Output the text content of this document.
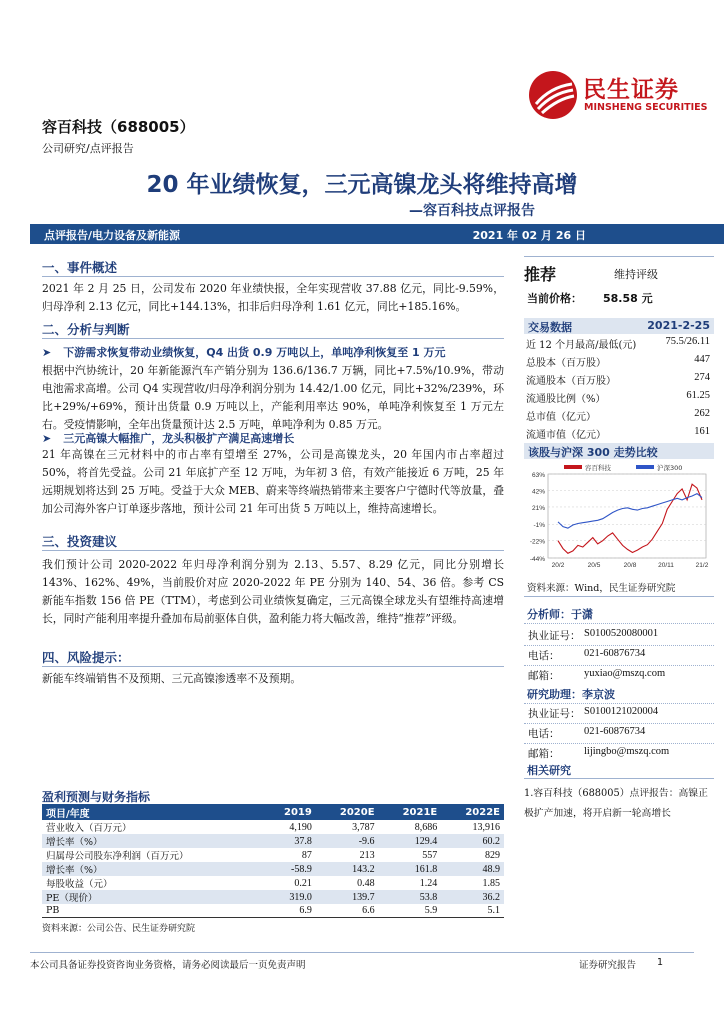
民生证券
MINSHENG SECURITIES
容百科技（688005）
公司研究/点评报告
20 年业绩恢复，三元高镍龙头将维持高增
—容百科技点评报告
点评报告/电力设备及新能源	2021 年 02 月 26 日
一、事件概述
2021 年 2 月 25 日，公司发布 2020 年业绩快报，全年实现营收 37.88 亿元，同比-9.59%，归母净利 2.13 亿元，同比+144.13%，扣非后归母净利 1.61 亿元，同比+185.16%。
二、分析与判断
➤ 下游需求恢复带动业绩恢复，Q4 出货 0.9 万吨以上，单吨净利恢复至 1 万元
根据中汽协统计，20 年新能源汽车产销分别为 136.6/136.7 万辆，同比+7.5%/10.9%，带动电池需求高增。公司 Q4 实现营收/归母净利润分别为 14.42/1.00 亿元，同比+32%/239%，环比+29%/+69%，预计出货量 0.9 万吨以上，产能利用率达 90%，单吨净利恢复至 1 万元左右。受疫情影响，全年出货量预计达 2.5 万吨，单吨净利为 0.85 万元。
➤ 三元高镍大幅推广，龙头积极扩产满足高速增长
21 年高镍在三元材料中的市占率有望增至 27%，公司是高镍龙头，20 年国内市占率超过 50%，将首先受益。公司 21 年底扩产至 12 万吨，为年初 3 倍，有效产能接近 6 万吨，25 年远期规划将达到 25 万吨。受益于大众 MEB、蔚来等终端热销带来主要客户宁德时代等放量，叠加公司海外客户订单逐步落地，预计公司 21 年可出货 5 万吨以上，维持高速增长。
三、投资建议
我们预计公司 2020-2022 年归母净利润分别为 2.13、5.57、8.29 亿元，同比分别增长 143%、162%、49%，当前股价对应 2020-2022 年 PE 分别为 140、54、36 倍。参考 CS 新能车指数 156 倍 PE（TTM），考虑到公司业绩恢复确定，三元高镍全球龙头有望维持高速增长，同时产能利用率提升叠加布局前驱体自供，盈利能力将大幅改善，维持“推荐”评级。
四、风险提示：
新能车终端销售不及预期、三元高镍渗透率不及预期。
盈利预测与财务指标
项目/年度	2019	2020E	2021E	2022E
营业收入（百万元）	4,190	3,787	8,686	13,916
增长率（%）	37.8	-9.6	129.4	60.2
归属母公司股东净利润（百万元）	87	213	557	829
增长率（%）	-58.9	143.2	161.8	48.9
每股收益（元）	0.21	0.48	1.24	1.85
PE（现价）	319.0	139.7	53.8	36.2
PB	6.9	6.6	5.9	5.1
资料来源：公司公告、民生证券研究院
推荐	维持评级
当前价格： 58.58 元
交易数据	2021-2-25
近 12 个月最高/最低(元)	75.5/26.11
总股本（百万股）	447
流通股本（百万股）	274
流通股比例（%）	61.25
总市值（亿元）	262
流通市值（亿元）	161
该股与沪深 300 走势比较
63%
42%
21%
-1%
-22%
-44%
20/2	20/5	20/8	20/11	21/2
容百科技	沪深300
资料来源：Wind，民生证券研究院
分析师：于潇
执业证号： S0100520080001
电话： 021-60876734
邮箱： yuxiao@mszq.com
研究助理：李京波
执业证号： S0100121020004
电话： 021-60876734
邮箱： lijingbo@mszq.com
相关研究
1.容百科技（688005）点评报告：高镍正极扩产加速，将开启新一轮高增长
本公司具备证券投资咨询业务资格，请务必阅读最后一页免责声明	证券研究报告 1
